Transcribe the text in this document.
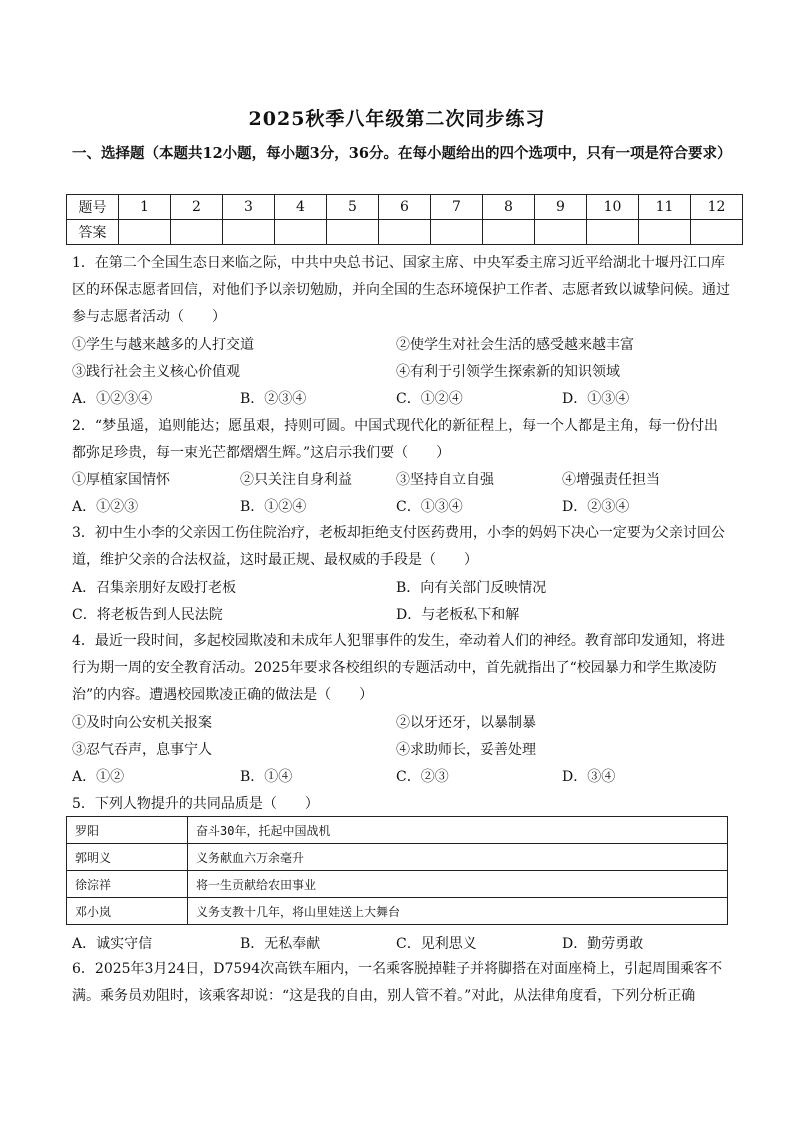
2025秋季八年级第二次同步练习
一、选择题（本题共12小题，每小题3分，36分。在每小题给出的四个选项中，只有一项是符合要求）
题号	1	2	3	4	5	6	7	8	9	10	11	12
答案												
1．在第二个全国生态日来临之际，中共中央总书记、国家主席、中央军委主席习近平给湖北十堰丹江口库区的环保志愿者回信，对他们予以亲切勉励，并向全国的生态环境保护工作者、志愿者致以诚挚问候。通过参与志愿者活动（　　）
①学生与越来越多的人打交道	②使学生对社会生活的感受越来越丰富
③践行社会主义核心价值观	④有利于引领学生探索新的知识领域
A．①②③④	B．②③④	C．①②④	D．①③④
2．“梦虽遥，追则能达；愿虽艰，持则可圆。中国式现代化的新征程上，每一个人都是主角，每一份付出都弥足珍贵，每一束光芒都熠熠生辉。”这启示我们要（　　）
①厚植家国情怀	②只关注自身利益	③坚持自立自强	④增强责任担当
A．①②③	B．①②④	C．①③④	D．②③④
3．初中生小李的父亲因工伤住院治疗，老板却拒绝支付医药费用，小李的妈妈下决心一定要为父亲讨回公道，维护父亲的合法权益，这时最正规、最权威的手段是（　　）
A．召集亲朋好友殴打老板	B．向有关部门反映情况
C．将老板告到人民法院	D．与老板私下和解
4．最近一段时间，多起校园欺凌和未成年人犯罪事件的发生，牵动着人们的神经。教育部印发通知，将进行为期一周的安全教育活动。2025年要求各校组织的专题活动中，首先就指出了“校园暴力和学生欺凌防治”的内容。遭遇校园欺凌正确的做法是（　　）
①及时向公安机关报案	②以牙还牙，以暴制暴
③忍气吞声，息事宁人	④求助师长，妥善处理
A．①②	B．①④	C．②③	D．③④
5．下列人物提升的共同品质是（　　）
罗阳	奋斗30年，托起中国战机
郭明义	义务献血六万余毫升
徐淙祥	将一生贡献给农田事业
邓小岚	义务支教十几年，将山里娃送上大舞台
A．诚实守信	B．无私奉献	C．见利思义	D．勤劳勇敢
6．2025年3月24日，D7594次高铁车厢内，一名乘客脱掉鞋子并将脚搭在对面座椅上，引起周围乘客不满。乘务员劝阻时，该乘客却说：“这是我的自由，别人管不着。”对此，从法律角度看，下列分析正确
